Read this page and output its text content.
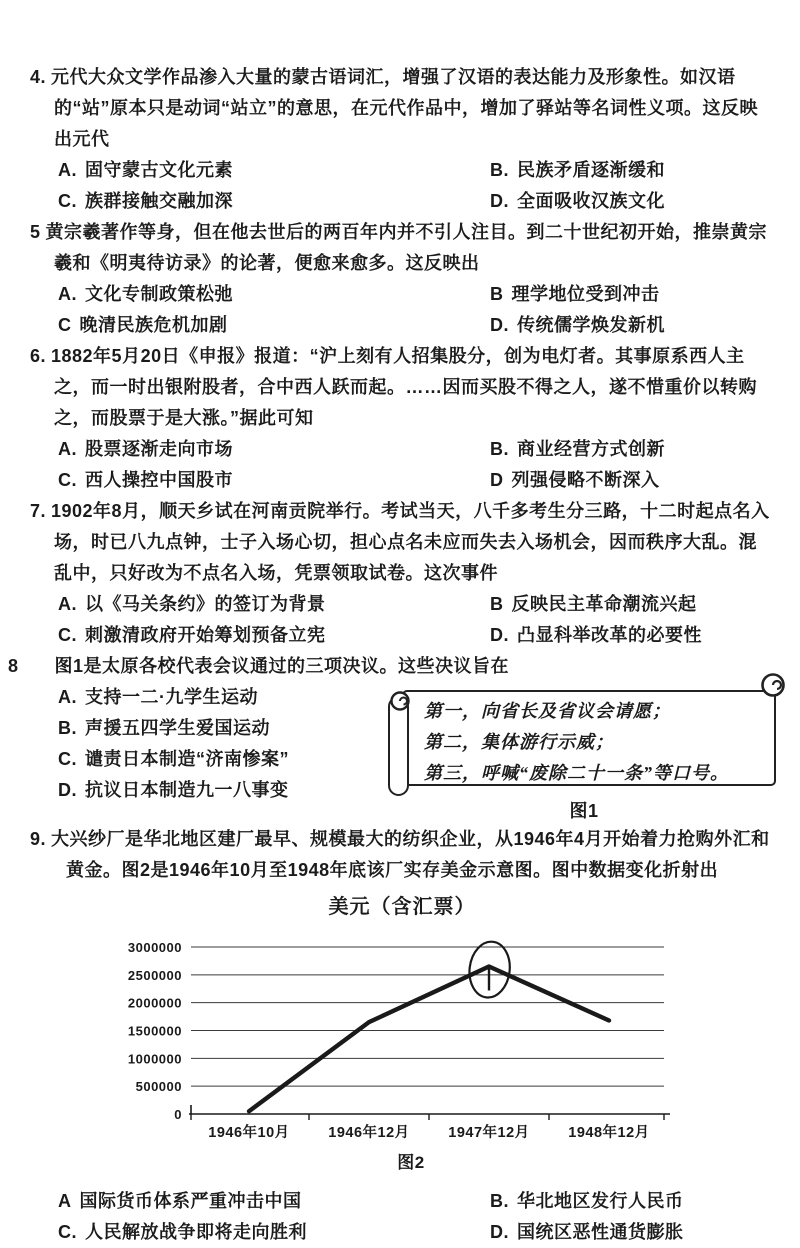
4. 元代大众文学作品渗入大量的蒙古语词汇，增强了汉语的表达能力及形象性。如汉语的“站”原本只是动词“站立”的意思，在元代作品中，增加了驿站等名词性义项。这反映出元代

A. 固守蒙古文化元素	B. 民族矛盾逐渐缓和
C. 族群接触交融加深	D. 全面吸收汉族文化

5 黄宗羲著作等身，但在他去世后的两百年内并不引人注目。到二十世纪初开始，推崇黄宗羲和《明夷待访录》的论著，便愈来愈多。这反映出

A. 文化专制政策松弛	B 理学地位受到冲击
C 晚清民族危机加剧	D. 传统儒学焕发新机

6. 1882年5月20日《申报》报道：“沪上刻有人招集股分，创为电灯者。其事原系西人主之，而一时出银附股者，合中西人跃而起。……因而买股不得之人，遂不惜重价以转购之，而股票于是大涨。”据此可知

A. 股票逐渐走向市场	B. 商业经营方式创新
C. 西人操控中国股市	D 列强侵略不断深入

7. 1902年8月，顺天乡试在河南贡院举行。考试当天，八千多考生分三路，十二时起点名入场，时已八九点钟，士子入场心切，担心点名未应而失去入场机会，因而秩序大乱。混乱中，只好改为不点名入场，凭票领取试卷。这次事件

A. 以《马关条约》的签订为背景	B 反映民主革命潮流兴起
C. 刺激清政府开始筹划预备立宪	D. 凸显科举改革的必要性

8 图1是太原各校代表会议通过的三项决议。这些决议旨在

A. 支持一二·九学生运动
B. 声援五四学生爱国运动
C. 谴责日本制造“济南惨案”
D. 抗议日本制造九一八事变
第一，向省长及省议会请愿；
第二，集体游行示威；
第三，呼喊“废除二十一条”等口号。
图1

9. 大兴纱厂是华北地区建厂最早、规模最大的纺织企业，从1946年4月开始着力抢购外汇和黄金。图2是1946年10月至1948年底该厂实存美金示意图。图中数据变化折射出

美元（含汇票）
0
500000
1000000
1500000
2000000
2500000
3000000
1946年10月	1946年12月	1947年12月	1948年12月
图2
A 国际货币体系严重冲击中国	B. 华北地区发行人民币
C. 人民解放战争即将走向胜利	D. 国统区恶性通货膨胀
